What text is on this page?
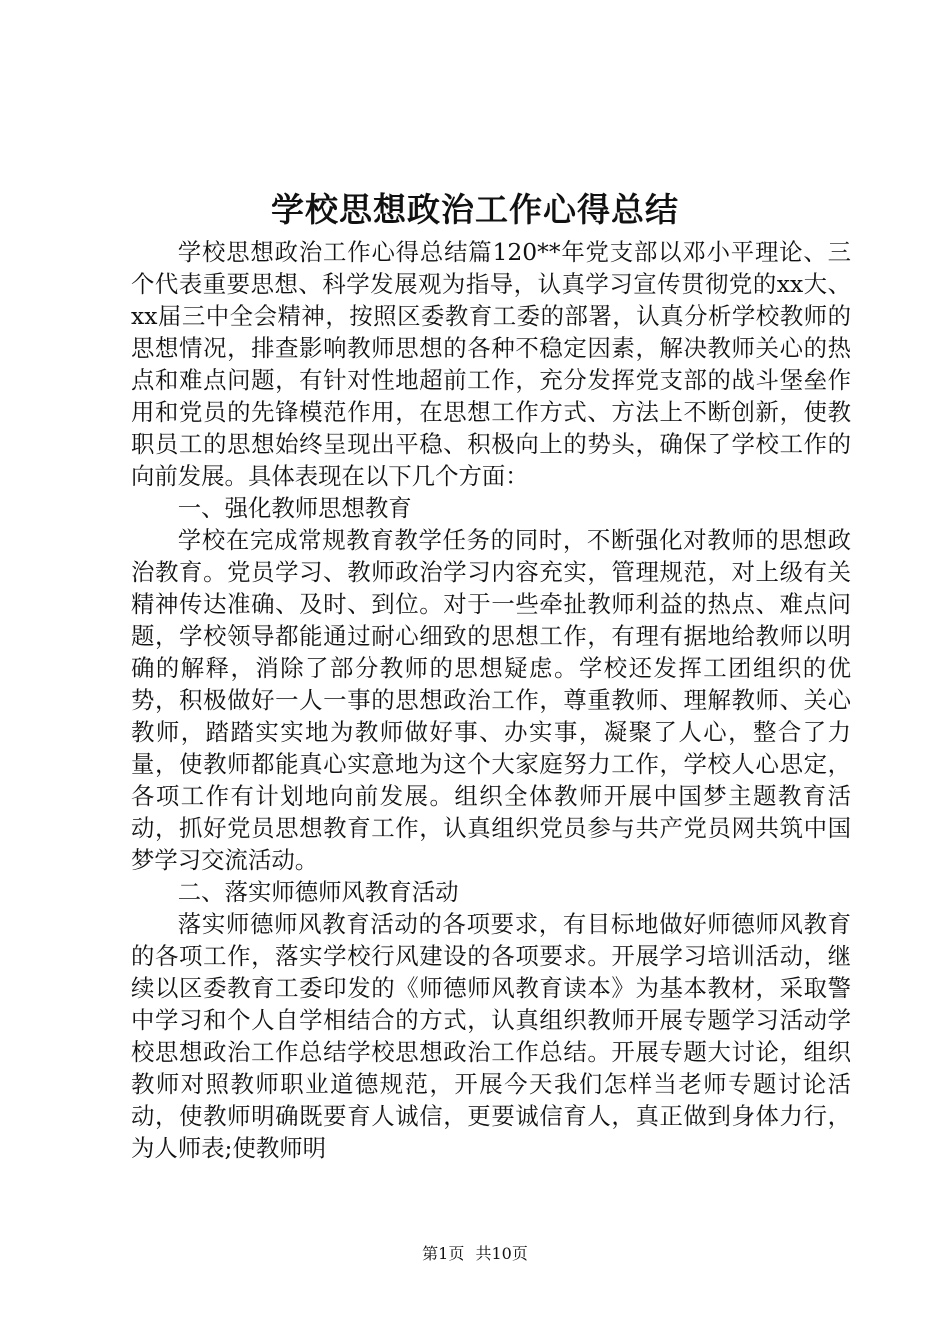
学校思想政治工作心得总结

学校思想政治工作心得总结篇120**年党支部以邓小平理论、三个代表重要思想、科学发展观为指导，认真学习宣传贯彻党的xx大、xx届三中全会精神，按照区委教育工委的部署，认真分析学校教师的思想情况，排查影响教师思想的各种不稳定因素，解决教师关心的热点和难点问题，有针对性地超前工作，充分发挥党支部的战斗堡垒作用和党员的先锋模范作用，在思想工作方式、方法上不断创新，使教职员工的思想始终呈现出平稳、积极向上的势头，确保了学校工作的向前发展。具体表现在以下几个方面：

一、强化教师思想教育

学校在完成常规教育教学任务的同时，不断强化对教师的思想政治教育。党员学习、教师政治学习内容充实，管理规范，对上级有关精神传达准确、及时、到位。对于一些牵扯教师利益的热点、难点问题，学校领导都能通过耐心细致的思想工作，有理有据地给教师以明确的解释，消除了部分教师的思想疑虑。学校还发挥工团组织的优势，积极做好一人一事的思想政治工作，尊重教师、理解教师、关心教师，踏踏实实地为教师做好事、办实事，凝聚了人心，整合了力量，使教师都能真心实意地为这个大家庭努力工作，学校人心思定，各项工作有计划地向前发展。组织全体教师开展中国梦主题教育活动，抓好党员思想教育工作，认真组织党员参与共产党员网共筑中国梦学习交流活动。

二、落实师德师风教育活动

落实师德师风教育活动的各项要求，有目标地做好师德师风教育的各项工作，落实学校行风建设的各项要求。开展学习培训活动，继续以区委教育工委印发的《师德师风教育读本》为基本教材，采取警中学习和个人自学相结合的方式，认真组织教师开展专题学习活动学校思想政治工作总结学校思想政治工作总结。开展专题大讨论，组织教师对照教师职业道德规范，开展今天我们怎样当老师专题讨论活动，使教师明确既要育人诚信，更要诚信育人，真正做到身体力行，为人师表;使教师明

第1页 共10页
